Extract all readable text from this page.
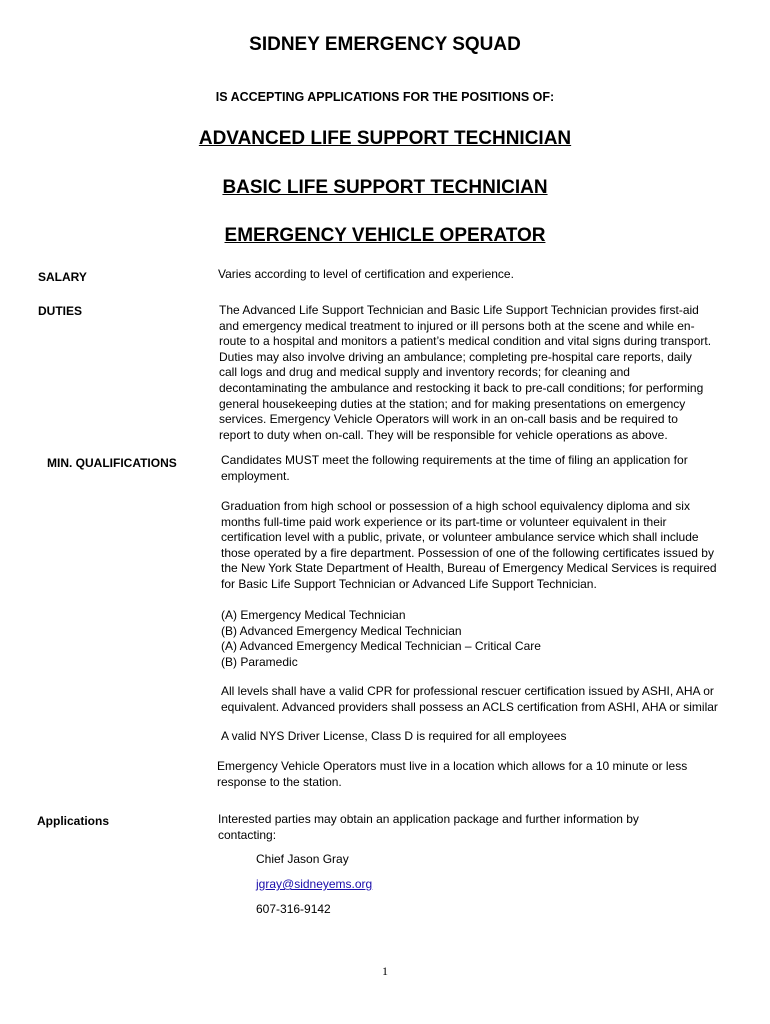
SIDNEY EMERGENCY SQUAD
IS ACCEPTING APPLICATIONS FOR THE POSITIONS OF:
ADVANCED LIFE SUPPORT TECHNICIAN
BASIC LIFE SUPPORT TECHNICIAN
EMERGENCY VEHICLE OPERATOR
SALARY	Varies according to level of certification and experience.
DUTIES	The Advanced Life Support Technician and Basic Life Support Technician provides first-aid
and emergency medical treatment to injured or ill persons both at the scene and while en-
route to a hospital and monitors a patient’s medical condition and vital signs during transport.
Duties may also involve driving an ambulance; completing pre-hospital care reports, daily
call logs and drug and medical supply and inventory records; for cleaning and
decontaminating the ambulance and restocking it back to pre-call conditions; for performing
general housekeeping duties at the station; and for making presentations on emergency
services. Emergency Vehicle Operators will work in an on-call basis and be required to
report to duty when on-call. They will be responsible for vehicle operations as above.
MIN. QUALIFICATIONS	Candidates MUST meet the following requirements at the time of filing an application for
employment.
Graduation from high school or possession of a high school equivalency diploma and six
months full-time paid work experience or its part-time or volunteer equivalent in their
certification level with a public, private, or volunteer ambulance service which shall include
those operated by a fire department. Possession of one of the following certificates issued by
the New York State Department of Health, Bureau of Emergency Medical Services is required
for Basic Life Support Technician or Advanced Life Support Technician.
(A) Emergency Medical Technician
(B) Advanced Emergency Medical Technician
(A) Advanced Emergency Medical Technician – Critical Care
(B) Paramedic
All levels shall have a valid CPR for professional rescuer certification issued by ASHI, AHA or
equivalent. Advanced providers shall possess an ACLS certification from ASHI, AHA or similar
A valid NYS Driver License, Class D is required for all employees
Emergency Vehicle Operators must live in a location which allows for a 10 minute or less
response to the station.
Applications	Interested parties may obtain an application package and further information by
contacting:
Chief Jason Gray
jgray@sidneyems.org
607-316-9142
1
